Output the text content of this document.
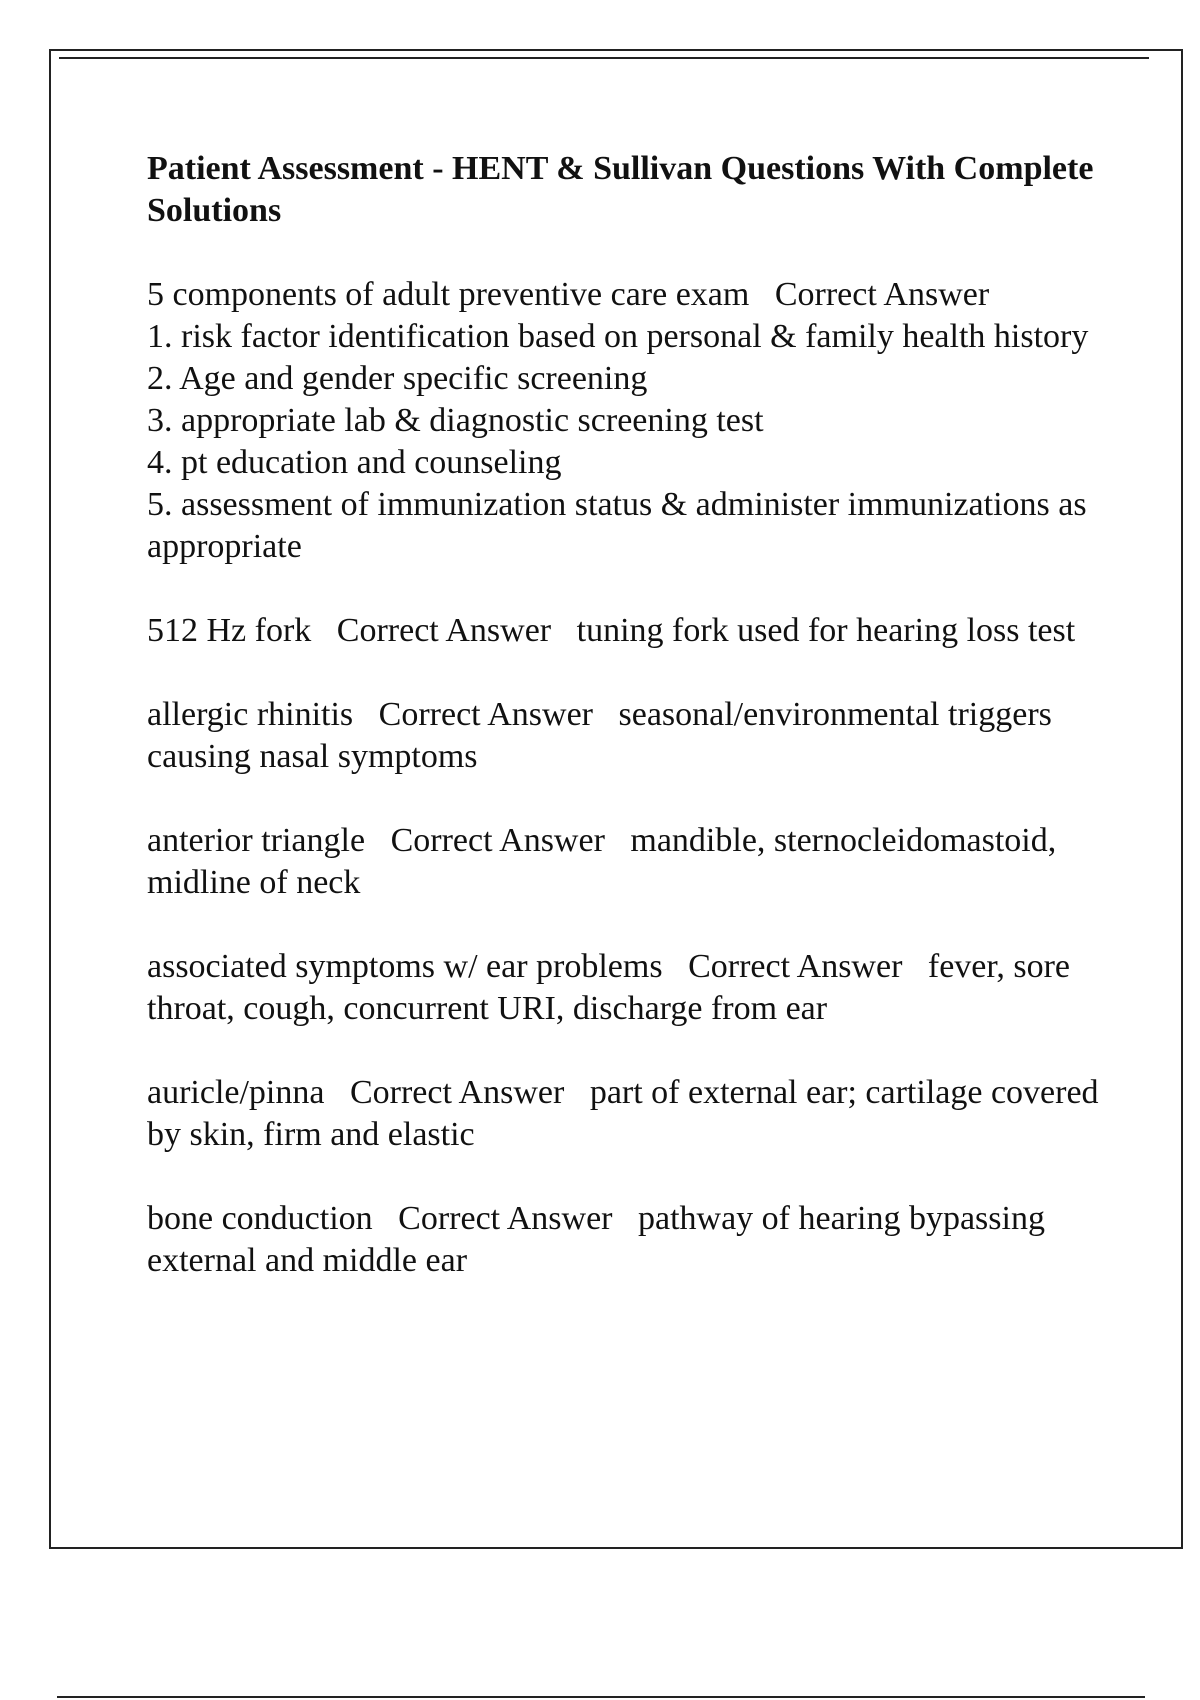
Patient Assessment - HENT & Sullivan Questions With Complete Solutions
5 components of adult preventive care exam Correct Answer
1. risk factor identification based on personal & family health history
2. Age and gender specific screening
3. appropriate lab & diagnostic screening test
4. pt education and counseling
5. assessment of immunization status & administer immunizations as appropriate
512 Hz fork Correct Answer tuning fork used for hearing loss test
allergic rhinitis Correct Answer seasonal/environmental triggers causing nasal symptoms
anterior triangle Correct Answer mandible, sternocleidomastoid, midline of neck
associated symptoms w/ ear problems Correct Answer fever, sore throat, cough, concurrent URI, discharge from ear
auricle/pinna Correct Answer part of external ear; cartilage covered by skin, firm and elastic
bone conduction Correct Answer pathway of hearing bypassing external and middle ear
